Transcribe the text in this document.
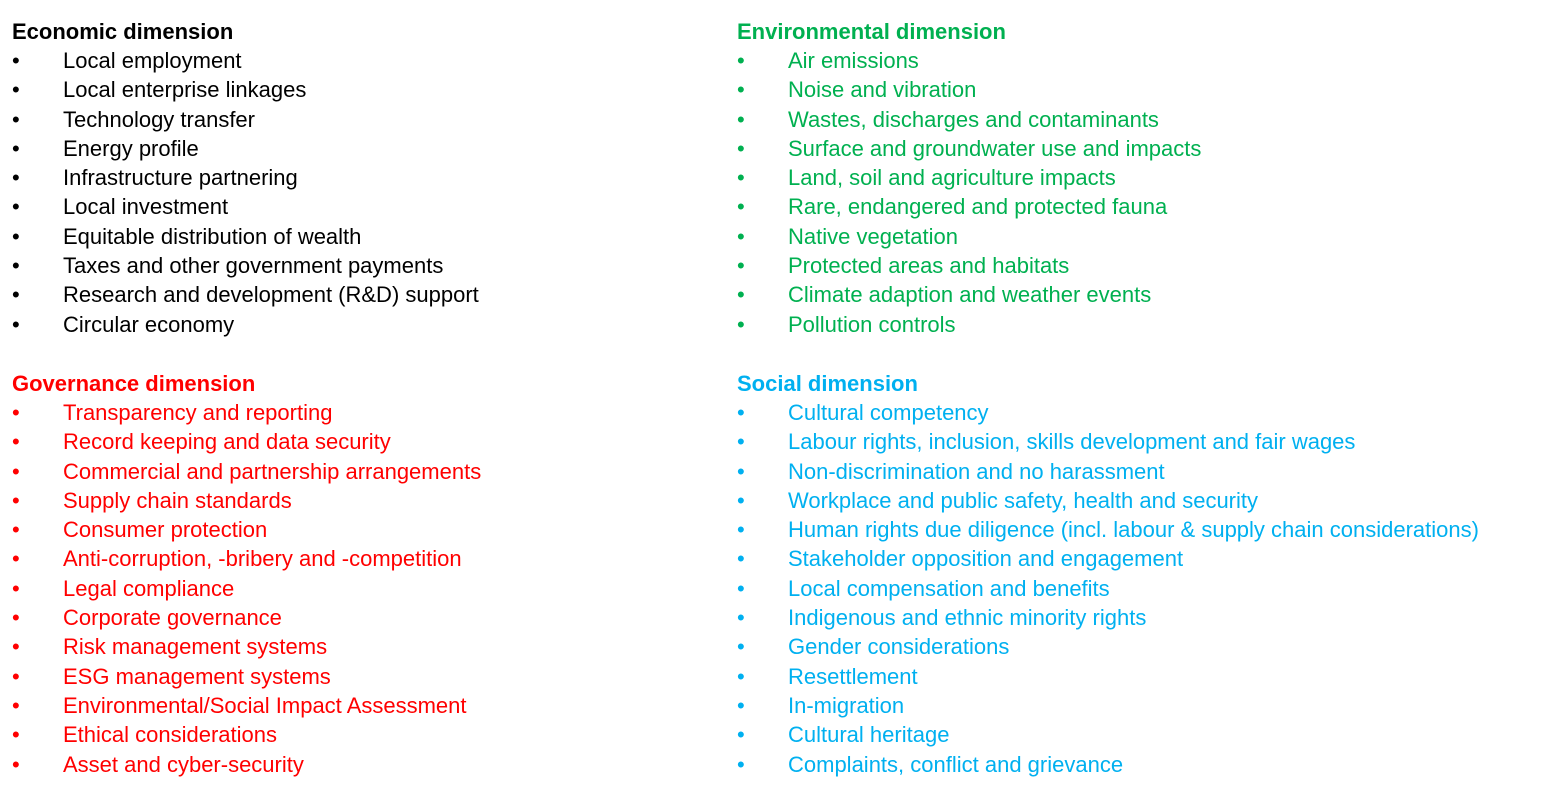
Economic dimension
• Local employment
• Local enterprise linkages
• Technology transfer
• Energy profile
• Infrastructure partnering
• Local investment
• Equitable distribution of wealth
• Taxes and other government payments
• Research and development (R&D) support
• Circular economy
Governance dimension
• Transparency and reporting
• Record keeping and data security
• Commercial and partnership arrangements
• Supply chain standards
• Consumer protection
• Anti-corruption, -bribery and -competition
• Legal compliance
• Corporate governance
• Risk management systems
• ESG management systems
• Environmental/Social Impact Assessment
• Ethical considerations
• Asset and cyber-security
Environmental dimension
• Air emissions
• Noise and vibration
• Wastes, discharges and contaminants
• Surface and groundwater use and impacts
• Land, soil and agriculture impacts
• Rare, endangered and protected fauna
• Native vegetation
• Protected areas and habitats
• Climate adaption and weather events
• Pollution controls
Social dimension
• Cultural competency
• Labour rights, inclusion, skills development and fair wages
• Non-discrimination and no harassment
• Workplace and public safety, health and security
• Human rights due diligence (incl. labour & supply chain considerations)
• Stakeholder opposition and engagement
• Local compensation and benefits
• Indigenous and ethnic minority rights
• Gender considerations
• Resettlement
• In-migration
• Cultural heritage
• Complaints, conflict and grievance
